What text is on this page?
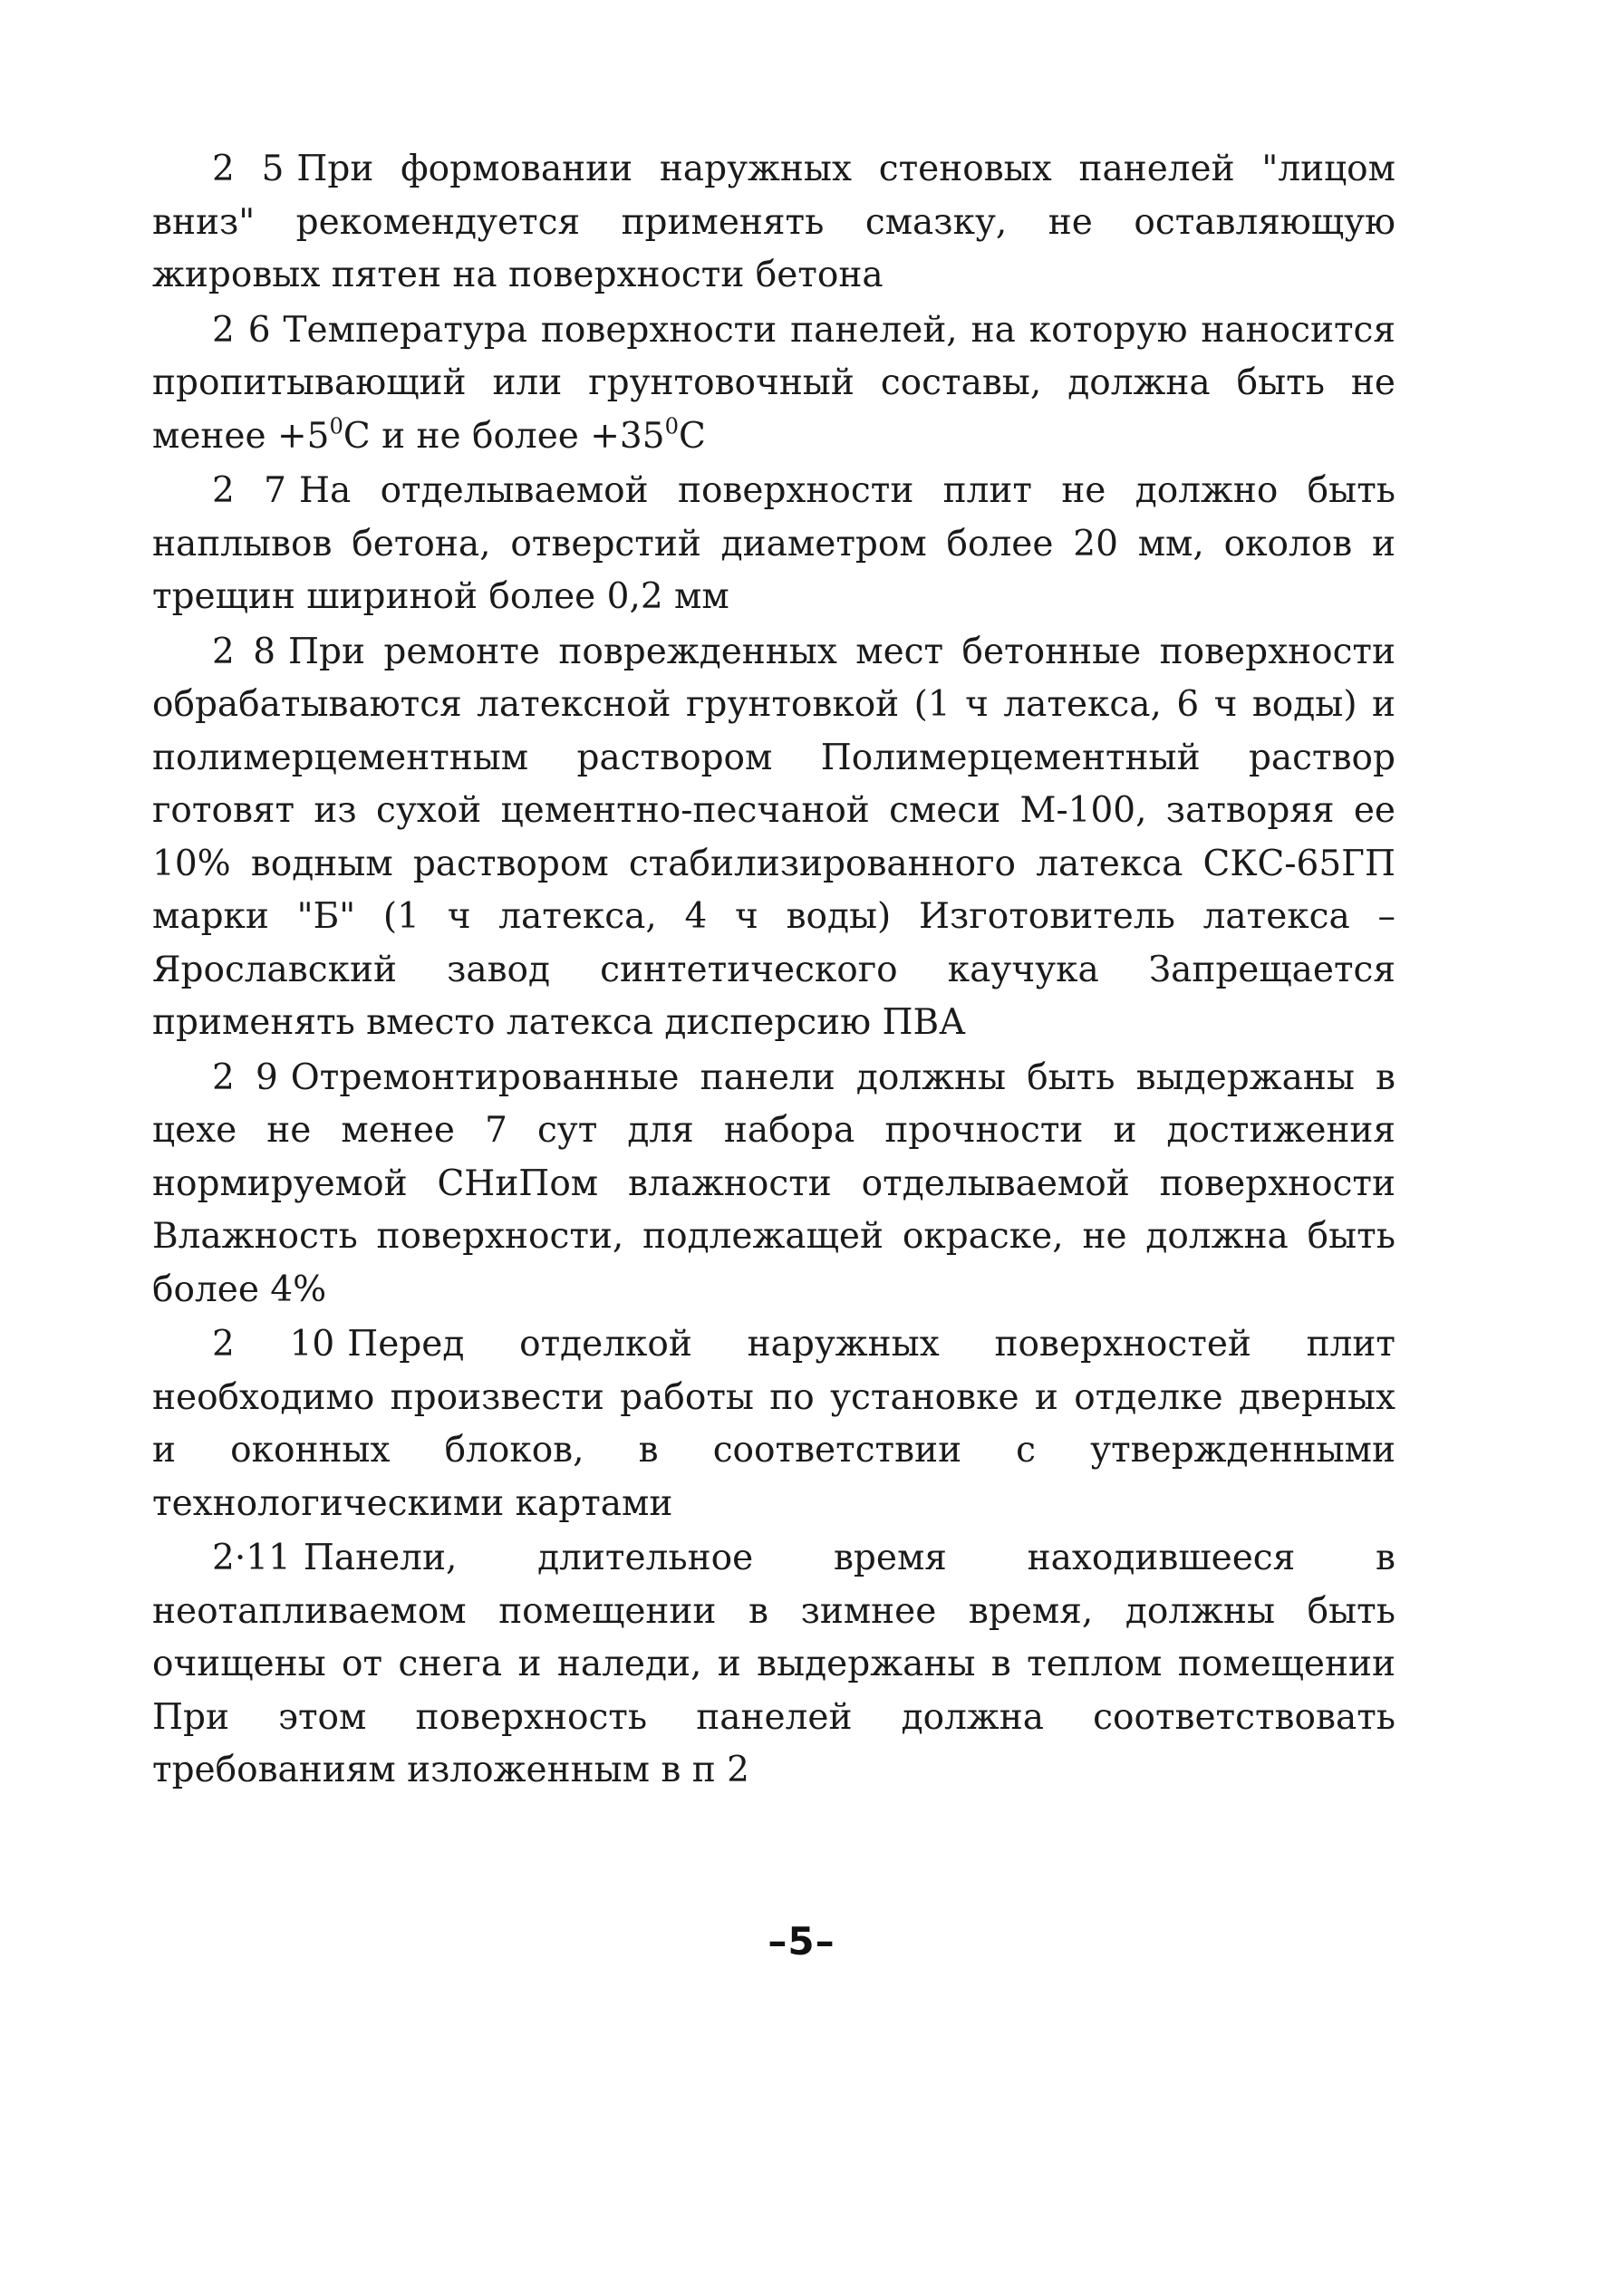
2 5 При формовании наружных стеновых панелей "лицом вниз" рекомендуется применять смазку, не оставляющую жировых пятен на поверхности бетона

2 6 Температура поверхности панелей, на которую наносится пропитывающий или грунтовочный составы, должна быть не менее $+5^0С$ и не более $+35^0С$

2 7 На отделываемой поверхности плит не должно быть наплывов бетона, отверстий диаметром более 20 мм, околов и трещин шириной более 0,2 мм

2 8 При ремонте поврежденных мест бетонные поверхности обрабатываются латексной грунтовкой (1 ч латекса, 6 ч воды) и полимерцементным раствором Полимерцементный раствор готовят из сухой цементно-песчаной смеси М-100, затворяя ее 10% водным раствором стабилизированного латекса СКС-65ГП марки "Б" (1 ч латекса, 4 ч воды) Изготовитель латекса – Ярославский завод синтетического каучука Запрещается применять вместо латекса дисперсию ПВА

2 9 Отремонтированные панели должны быть выдержаны в цехе не менее 7 сут для набора прочности и достижения нормируемой СНиПом влажности отделываемой поверхности Влажность поверхности, подлежащей окраске, не должна быть более 4%

2 10 Перед отделкой наружных поверхностей плит необходимо произвести работы по установке и отделке дверных и оконных блоков, в соответствии с утвержденными технологическими картами

2·11 Панели, длительное время находившееся в неотапливаемом помещении в зимнее время, должны быть очищены от снега и наледи, и выдержаны в теплом помещении При этом поверхность панелей должна соответствовать требованиям изложенным в п 2

–5–
